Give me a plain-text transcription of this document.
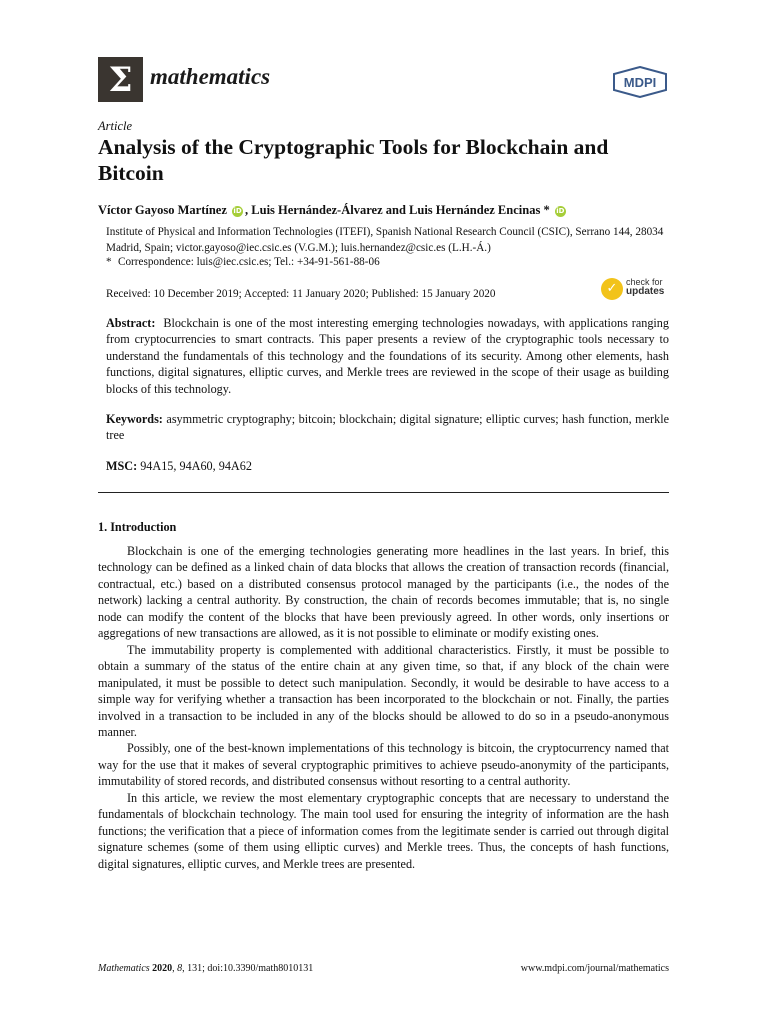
Σ mathematics	MDPI
Article
Analysis of the Cryptographic Tools for Blockchain and Bitcoin
Víctor Gayoso Martínez iD , Luis Hernández-Álvarez and Luis Hernández Encinas * iD
Institute of Physical and Information Technologies (ITEFI), Spanish National Research Council (CSIC), Serrano 144, 28034 Madrid, Spain; victor.gayoso@iec.csic.es (V.G.M.); luis.hernandez@csic.es (L.H.-Á.)
* Correspondence: luis@iec.csic.es; Tel.: +34-91-561-88-06
Received: 10 December 2019; Accepted: 11 January 2020; Published: 15 January 2020	✓ check for
updates

Abstract: Blockchain is one of the most interesting emerging technologies nowadays, with applications ranging from cryptocurrencies to smart contracts. This paper presents a review of the cryptographic tools necessary to understand the fundamentals of this technology and the foundations of its security. Among other elements, hash functions, digital signatures, elliptic curves, and Merkle trees are reviewed in the scope of their usage as building blocks of this technology.

Keywords: asymmetric cryptography; bitcoin; blockchain; digital signature; elliptic curves; hash function, merkle tree

MSC: 94A15, 94A60, 94A62

1. Introduction

Blockchain is one of the emerging technologies generating more headlines in the last years. In brief, this technology can be defined as a linked chain of data blocks that allows the creation of transaction records (financial, contractual, etc.) based on a distributed consensus protocol managed by the participants (i.e., the nodes of the network) lacking a central authority. By construction, the chain of records becomes immutable; that is, no single node can modify the content of the blocks that have been previously agreed. In other words, only insertions or aggregations of new transactions are allowed, as it is not possible to eliminate or modify existing ones.

The immutability property is complemented with additional characteristics. Firstly, it must be possible to obtain a summary of the status of the entire chain at any given time, so that, if any block of the chain were manipulated, it must be possible to detect such manipulation. Secondly, it would be desirable to have access to a simple way for verifying whether a transaction has been incorporated to the blockchain or not. Finally, the parties involved in a transaction to be included in any of the blocks should be allowed to do so in a pseudo-anonymous manner.

Possibly, one of the best-known implementations of this technology is bitcoin, the cryptocurrency named that way for the use that it makes of several cryptographic primitives to achieve pseudo-anonymity of the participants, immutability of stored records, and distributed consensus without resorting to a central authority.

In this article, we review the most elementary cryptographic concepts that are necessary to understand the fundamentals of blockchain technology. The main tool used for ensuring the integrity of information are the hash functions; the verification that a piece of information comes from the legitimate sender is carried out through digital signature schemes (some of them using elliptic curves) and Merkle trees. Thus, the concepts of hash functions, digital signatures, elliptic curves, and Merkle trees are presented.

Mathematics 2020, 8, 131; doi:10.3390/math8010131	www.mdpi.com/journal/mathematics
